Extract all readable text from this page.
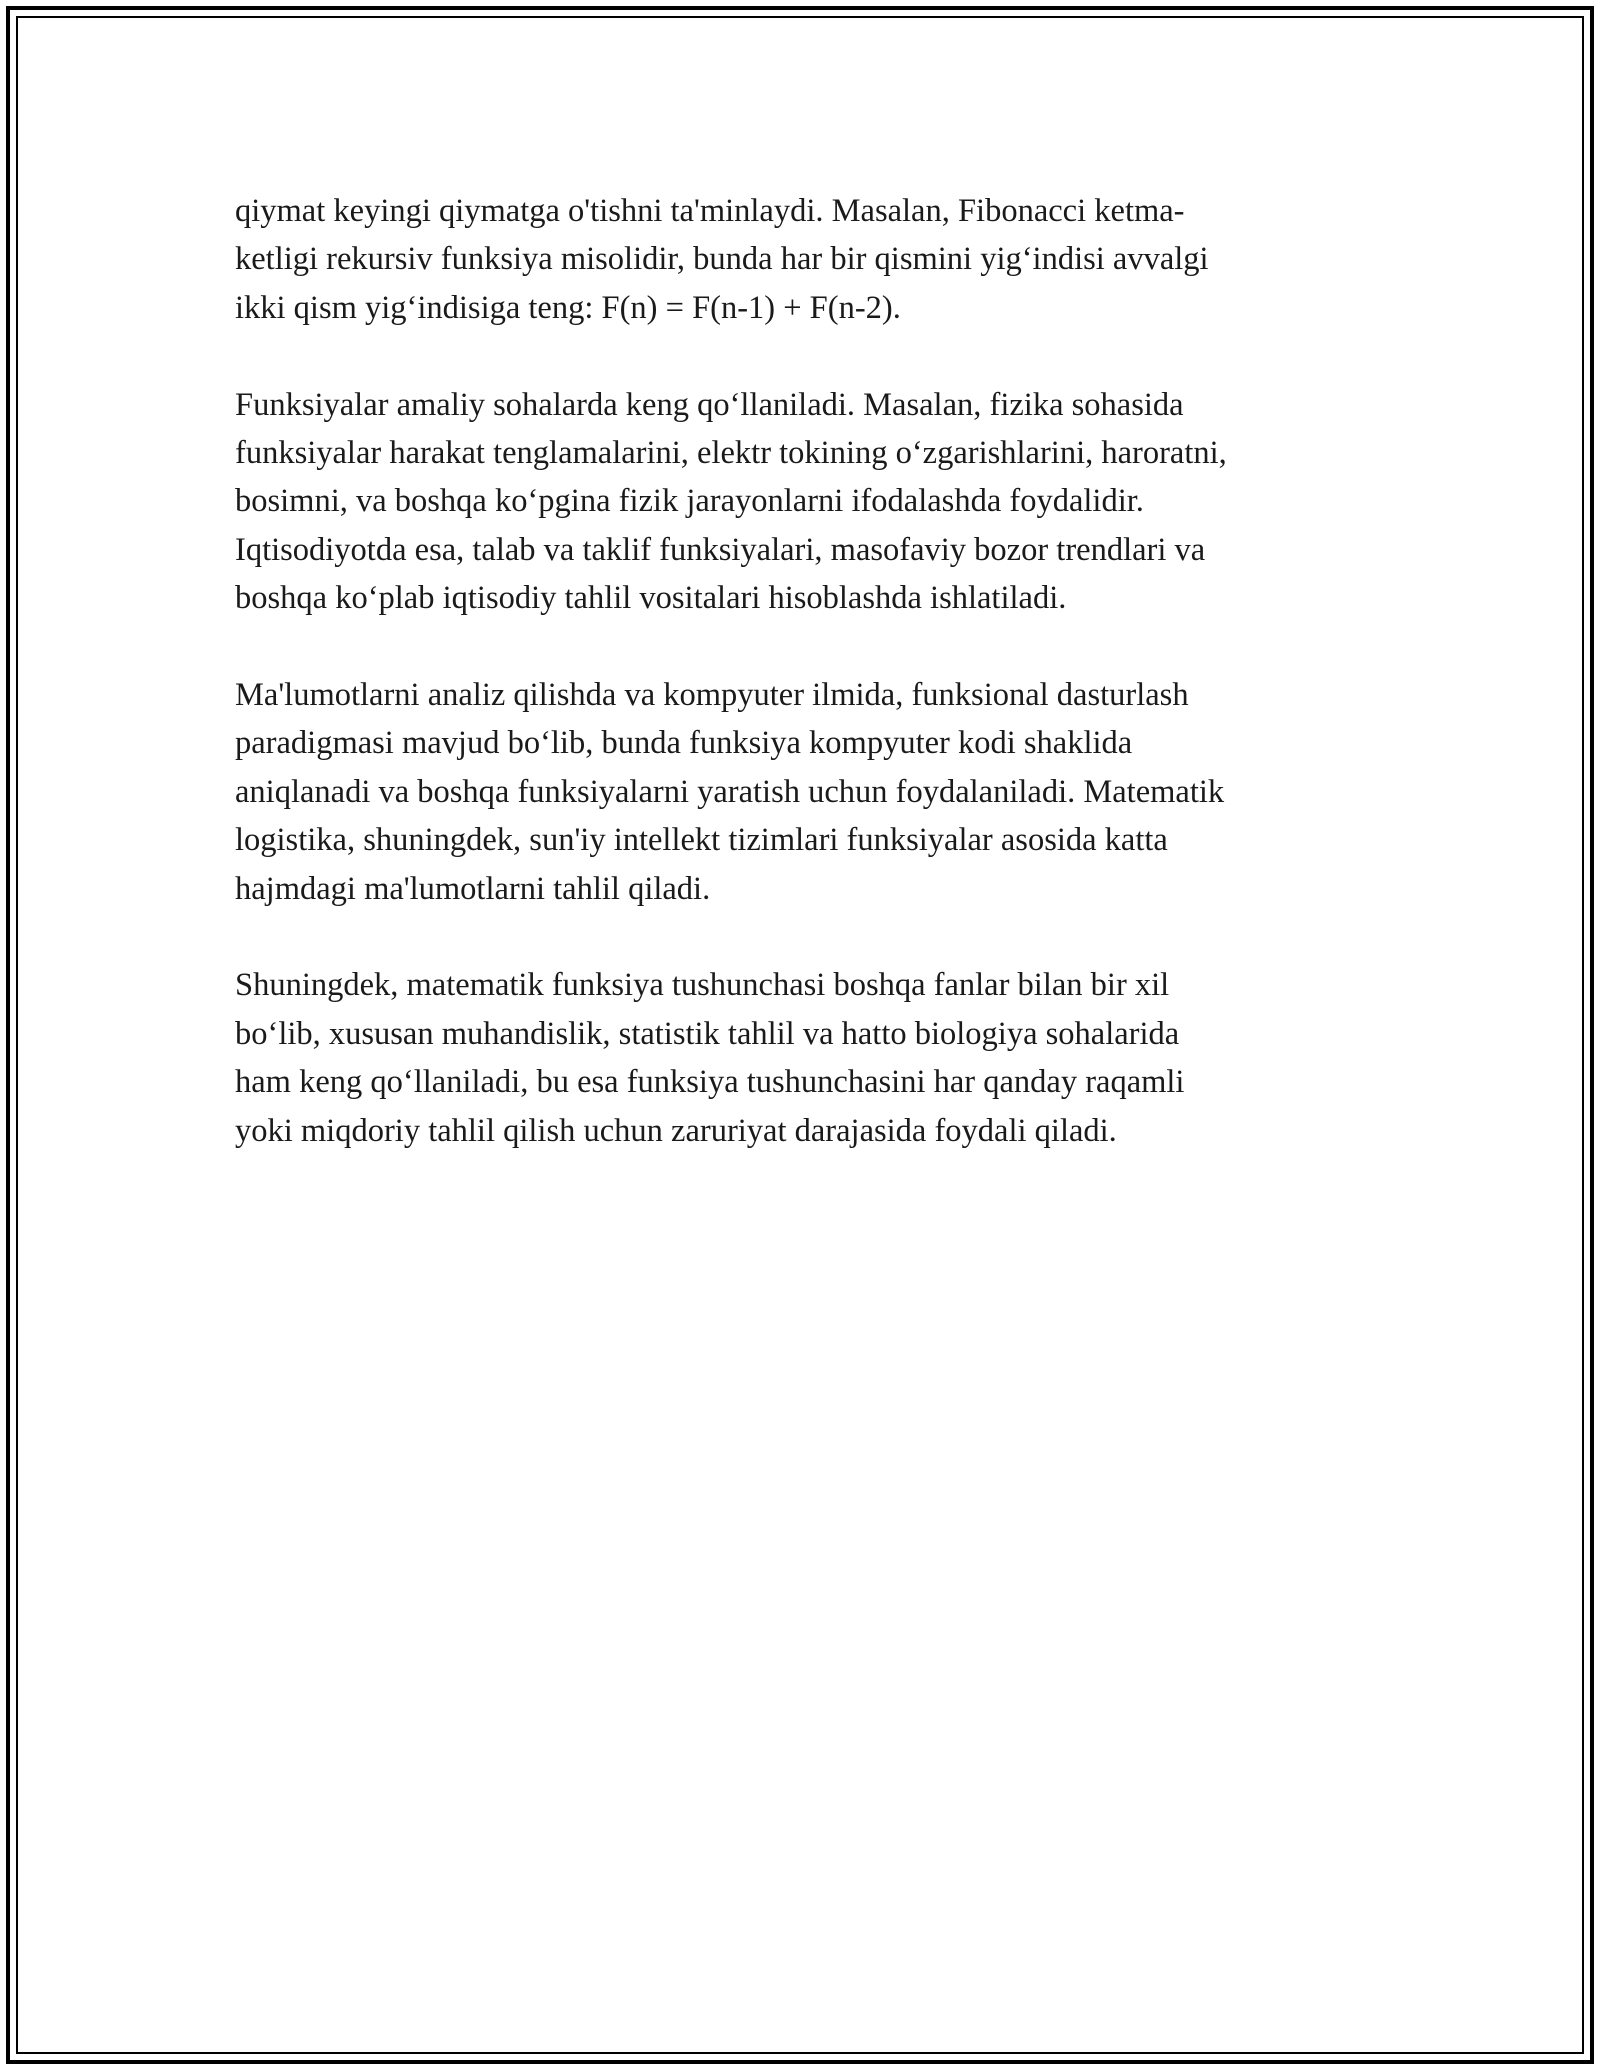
qiymat keyingi qiymatga o'tishni ta'minlaydi. Masalan, Fibonacci ketma-
ketligi rekursiv funksiya misolidir, bunda har bir qismini yig‘indisi avvalgi
ikki qism yig‘indisiga teng: F(n) = F(n-1) + F(n-2).

Funksiyalar amaliy sohalarda keng qo‘llaniladi. Masalan, fizika sohasida
funksiyalar harakat tenglamalarini, elektr tokining o‘zgarishlarini, haroratni,
bosimni, va boshqa ko‘pgina fizik jarayonlarni ifodalashda foydalidir.
Iqtisodiyotda esa, talab va taklif funksiyalari, masofaviy bozor trendlari va
boshqa ko‘plab iqtisodiy tahlil vositalari hisoblashda ishlatiladi.

Ma'lumotlarni analiz qilishda va kompyuter ilmida, funksional dasturlash
paradigmasi mavjud bo‘lib, bunda funksiya kompyuter kodi shaklida
aniqlanadi va boshqa funksiyalarni yaratish uchun foydalaniladi. Matematik
logistika, shuningdek, sun'iy intellekt tizimlari funksiyalar asosida katta
hajmdagi ma'lumotlarni tahlil qiladi.

Shuningdek, matematik funksiya tushunchasi boshqa fanlar bilan bir xil
bo‘lib, xususan muhandislik, statistik tahlil va hatto biologiya sohalarida
ham keng qo‘llaniladi, bu esa funksiya tushunchasini har qanday raqamli
yoki miqdoriy tahlil qilish uchun zaruriyat darajasida foydali qiladi.
